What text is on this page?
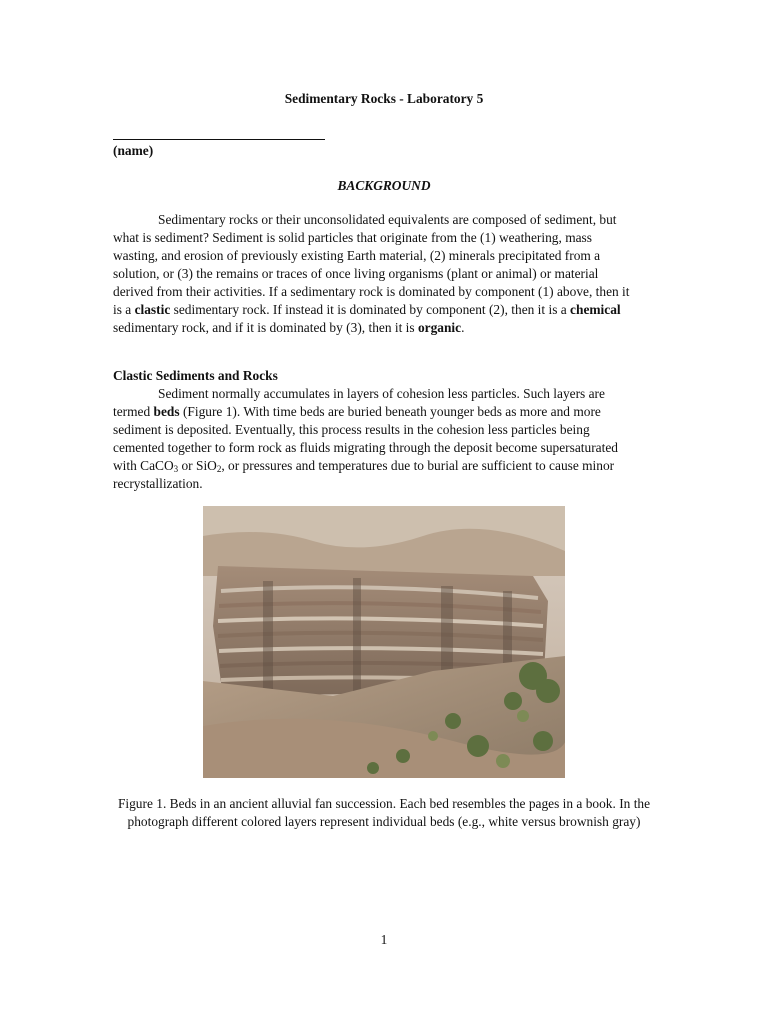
Sedimentary Rocks - Laboratory 5
(name)
BACKGROUND
Sedimentary rocks or their unconsolidated equivalents are composed of sediment, but what is sediment? Sediment is solid particles that originate from the (1) weathering, mass wasting, and erosion of previously existing Earth material, (2) minerals precipitated from a solution, or (3) the remains or traces of once living organisms (plant or animal) or material derived from their activities. If a sedimentary rock is dominated by component (1) above, then it is a clastic sedimentary rock. If instead it is dominated by component (2), then it is a chemical sedimentary rock, and if it is dominated by (3), then it is organic.
Clastic Sediments and Rocks
Sediment normally accumulates in layers of cohesion less particles. Such layers are termed beds (Figure 1). With time beds are buried beneath younger beds as more and more sediment is deposited. Eventually, this process results in the cohesion less particles being cemented together to form rock as fluids migrating through the deposit become supersaturated with CaCO$_3$ or SiO$_2$, or pressures and temperatures due to burial are sufficient to cause minor recrystallization.
Figure 1. Beds in an ancient alluvial fan succession. Each bed resembles the pages in a book. In the photograph different colored layers represent individual beds (e.g., white versus brownish gray)
1
